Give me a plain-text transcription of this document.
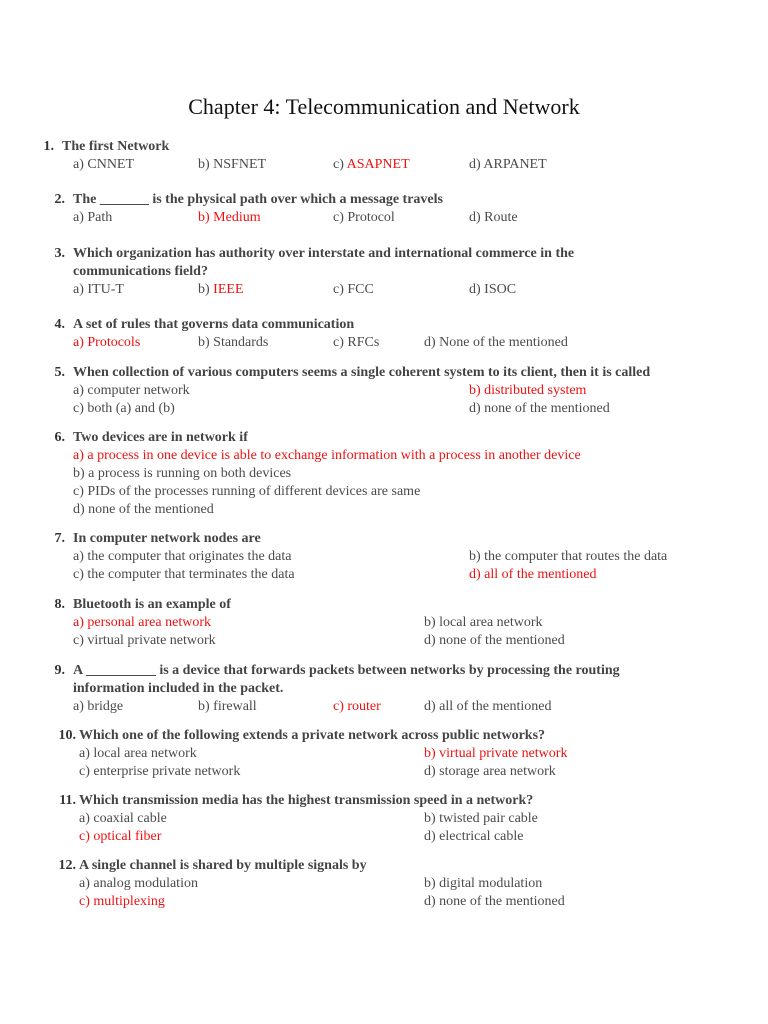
Chapter 4: Telecommunication and Network
1. The first Network
a) CNNET	b) NSFNET	c) ASAPNET	d) ARPANET
2. The _______ is the physical path over which a message travels
a) Path	b) Medium	c) Protocol	d) Route
3. Which organization has authority over interstate and international commerce in the
communications field?
a) ITU-T	b) IEEE	c) FCC	d) ISOC
4. A set of rules that governs data communication
a) Protocols	b) Standards	c) RFCs	d) None of the mentioned
5. When collection of various computers seems a single coherent system to its client, then it is called
a) computer network	b) distributed system
c) both (a) and (b)	d) none of the mentioned
6. Two devices are in network if
a) a process in one device is able to exchange information with a process in another device
b) a process is running on both devices
c) PIDs of the processes running of different devices are same
d) none of the mentioned
7. In computer network nodes are
a) the computer that originates the data	b) the computer that routes the data
c) the computer that terminates the data	d) all of the mentioned
8. Bluetooth is an example of
a) personal area network	b) local area network
c) virtual private network	d) none of the mentioned
9. A __________ is a device that forwards packets between networks by processing the routing
information included in the packet.
a) bridge	b) firewall	c) router	d) all of the mentioned
10. Which one of the following extends a private network across public networks?
a) local area network	b) virtual private network
c) enterprise private network	d) storage area network
11. Which transmission media has the highest transmission speed in a network?
a) coaxial cable	b) twisted pair cable
c) optical fiber	d) electrical cable
12. A single channel is shared by multiple signals by
a) analog modulation	b) digital modulation
c) multiplexing	d) none of the mentioned
